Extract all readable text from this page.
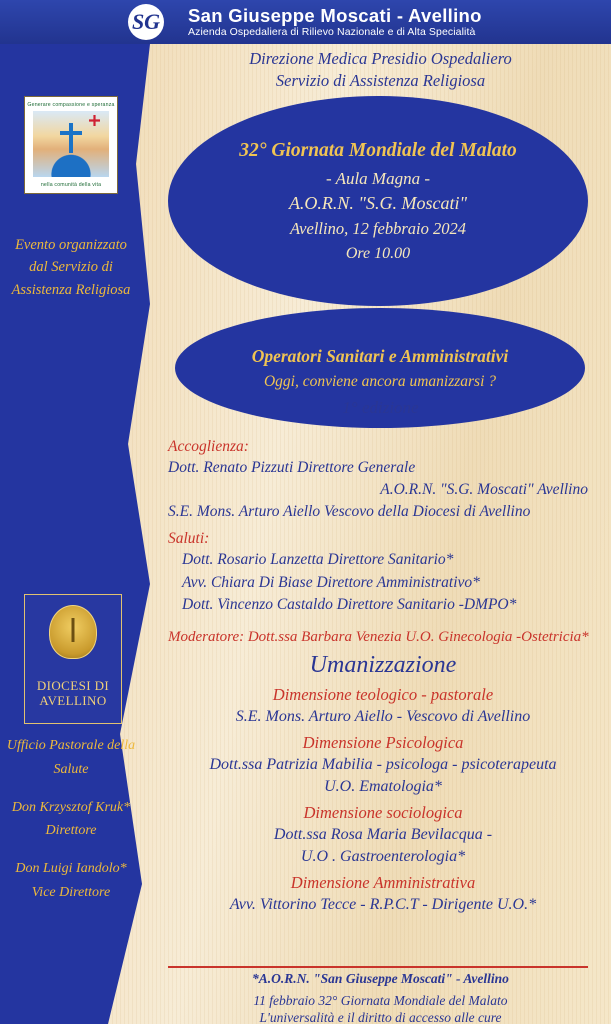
SG San Giuseppe Moscati - Avellino
Azienda Ospedaliera di Rilievo Nazionale e di Alta Specialità
Generare compassione e speranza
nella comunità della vita
Evento organizzato dal Servizio di Assistenza Religiosa
DIOCESI DI AVELLINO
Ufficio Pastorale della Salute
Don Krzysztof Kruk* Direttore
Don Luigi Iandolo* Vice Direttore
Direzione Medica Presidio Ospedaliero
Servizio di Assistenza Religiosa
32° Giornata Mondiale del Malato
- Aula Magna -
A.O.R.N. "S.G. Moscati"
Avellino, 12 febbraio 2024
Ore 10.00
Operatori Sanitari e Amministrativi
Oggi, conviene ancora umanizzarsi ?
1° edizione
Accoglienza:
Dott. Renato Pizzuti Direttore Generale
A.O.R.N. "S.G. Moscati" Avellino
S.E. Mons. Arturo Aiello Vescovo della Diocesi di Avellino
Saluti:
Dott. Rosario Lanzetta Direttore Sanitario*
Avv. Chiara Di Biase Direttore Amministrativo*
Dott. Vincenzo Castaldo Direttore Sanitario -DMPO*
Moderatore: Dott.ssa Barbara Venezia U.O. Ginecologia -Ostetricia*
Umanizzazione
Dimensione teologico - pastorale
S.E. Mons. Arturo Aiello - Vescovo di Avellino
Dimensione Psicologica
Dott.ssa Patrizia Mabilia - psicologa - psicoterapeuta
U.O. Ematologia*
Dimensione sociologica
Dott.ssa Rosa Maria Bevilacqua -
U.O . Gastroenterologia*
Dimensione Amministrativa
Avv. Vittorino Tecce - R.P.C.T - Dirigente U.O.*
*A.O.R.N. "San Giuseppe Moscati" - Avellino
11 febbraio 32° Giornata Mondiale del Malato
L'universalità e il diritto di accesso alle cure
